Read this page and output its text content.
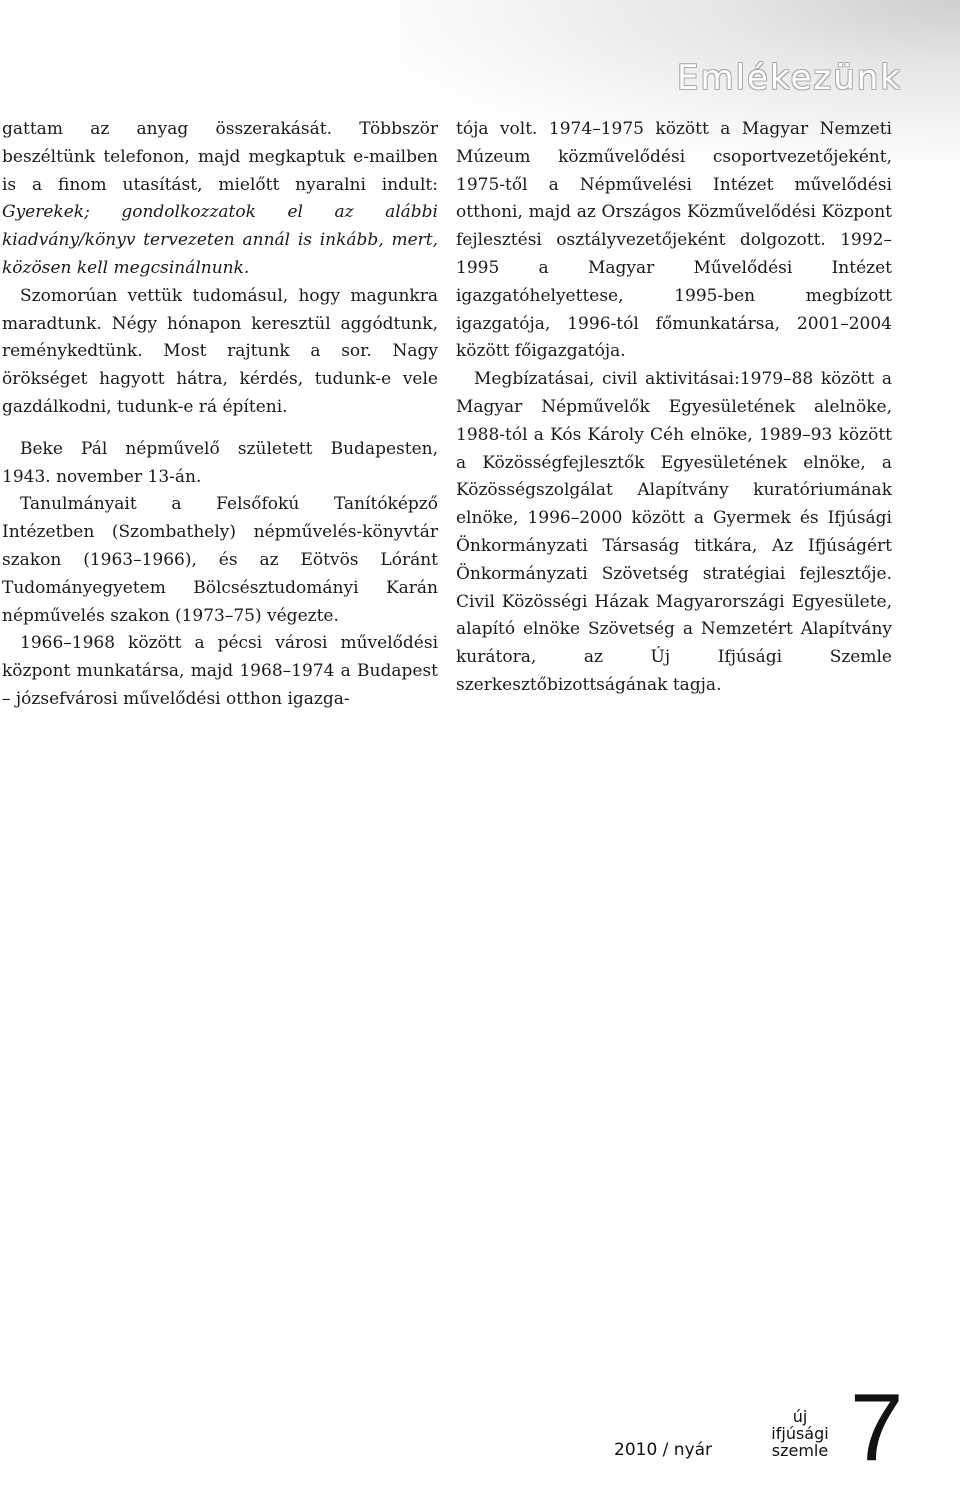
Emlékezünk

gattam az anyag összerakását. Többször beszéltünk telefonon, majd megkaptuk e-mailben is a finom utasítást, mielőtt nyaralni indult: Gyerekek; gondolkozzatok el az alábbi kiadvány/könyv tervezeten annál is inkább, mert, közösen kell megcsinálnunk.

Szomorúan vettük tudomásul, hogy magunkra maradtunk. Négy hónapon keresztül aggódtunk, reménykedtünk. Most rajtunk a sor. Nagy örökséget hagyott hátra, kérdés, tudunk-e vele gazdálkodni, tudunk-e rá építeni.

Beke Pál népművelő született Budapesten, 1943. november 13-án.

Tanulmányait a Felsőfokú Tanítóképző Intézetben (Szombathely) népművelés-könyvtár szakon (1963–1966), és az Eötvös Lóránt Tudományegyetem Bölcsésztudományi Karán népművelés szakon (1973–75) végezte.

1966–1968 között a pécsi városi művelődési központ munkatársa, majd 1968–1974 a Budapest – józsefvárosi művelődési otthon igazga-

tója volt. 1974–1975 között a Magyar Nemzeti Múzeum közművelődési csoportvezetőjeként, 1975-től a Népművelési Intézet művelődési otthoni, majd az Országos Közművelődési Központ fejlesztési osztályvezetőjeként dolgozott. 1992–1995 a Magyar Művelődési Intézet igazgatóhelyettese, 1995-ben megbízott igazgatója, 1996-tól főmunkatársa, 2001–2004 között főigazgatója.

Megbízatásai, civil aktivitásai:1979–88 között a Magyar Népművelők Egyesületének alelnöke, 1988-tól a Kós Károly Céh elnöke, 1989–93 között a Közösségfejlesztők Egyesületének elnöke, a Közösségszolgálat Alapítvány kuratóriumának elnöke, 1996–2000 között a Gyermek és Ifjúsági Önkormányzati Társaság titkára, Az Ifjúságért Önkormányzati Szövetség stratégiai fejlesztője. Civil Közösségi Házak Magyarországi Egyesülete, alapító elnöke Szövetség a Nemzetért Alapítvány kurátora, az Új Ifjúsági Szemle szerkesztőbizottságának tagja.

2010 / nyár
új
ifjúsági
szemle 7
